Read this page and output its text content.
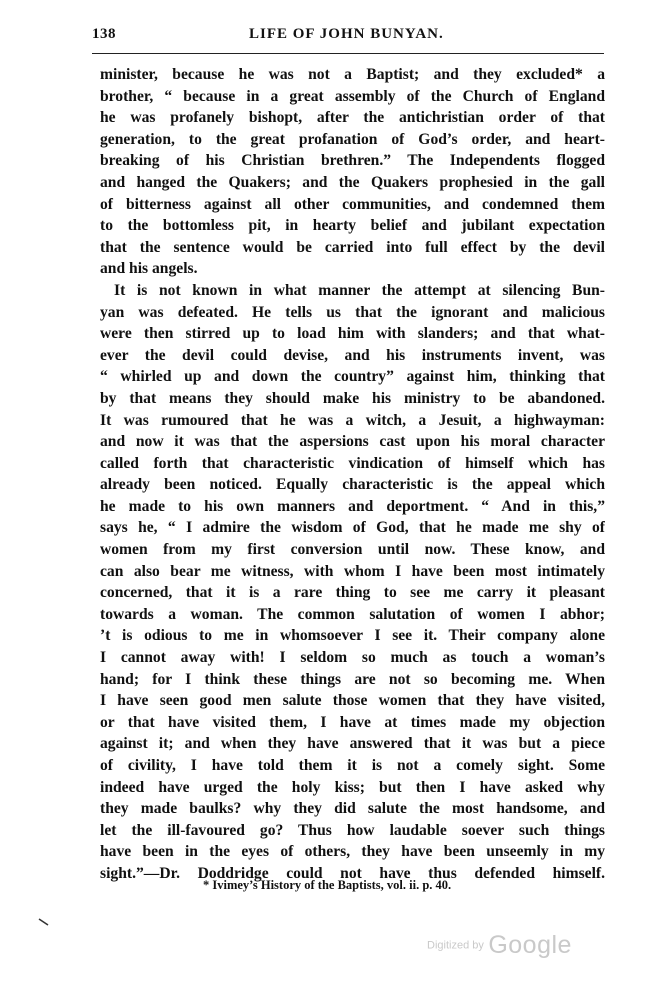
138	LIFE OF JOHN BUNYAN.
minister, because he was not a Baptist; and they excluded* a
brother, “ because in a great assembly of the Church of England
he was profanely bishopt, after the antichristian order of that
generation, to the great profanation of God’s order, and heart-
breaking of his Christian brethren.” The Independents flogged
and hanged the Quakers; and the Quakers prophesied in the gall
of bitterness against all other communities, and condemned them
to the bottomless pit, in hearty belief and jubilant expectation
that the sentence would be carried into full effect by the devil
and his angels.
It is not known in what manner the attempt at silencing Bun-
yan was defeated. He tells us that the ignorant and malicious
were then stirred up to load him with slanders; and that what-
ever the devil could devise, and his instruments invent, was
“ whirled up and down the country” against him, thinking that
by that means they should make his ministry to be abandoned.
It was rumoured that he was a witch, a Jesuit, a highwayman:
and now it was that the aspersions cast upon his moral character
called forth that characteristic vindication of himself which has
already been noticed. Equally characteristic is the appeal which
he made to his own manners and deportment. “ And in this,”
says he, “ I admire the wisdom of God, that he made me shy of
women from my first conversion until now. These know, and
can also bear me witness, with whom I have been most intimately
concerned, that it is a rare thing to see me carry it pleasant
towards a woman. The common salutation of women I abhor;
’t is odious to me in whomsoever I see it. Their company alone
I cannot away with! I seldom so much as touch a woman’s
hand; for I think these things are not so becoming me. When
I have seen good men salute those women that they have visited,
or that have visited them, I have at times made my objection
against it; and when they have answered that it was but a piece
of civility, I have told them it is not a comely sight. Some
indeed have urged the holy kiss; but then I have asked why
they made baulks? why they did salute the most handsome, and
let the ill-favoured go? Thus how laudable soever such things
have been in the eyes of others, they have been unseemly in my
sight.”—Dr. Doddridge could not have thus defended himself.
* Ivimey’s History of the Baptists, vol. ii. p. 40.
Digitized by Google
